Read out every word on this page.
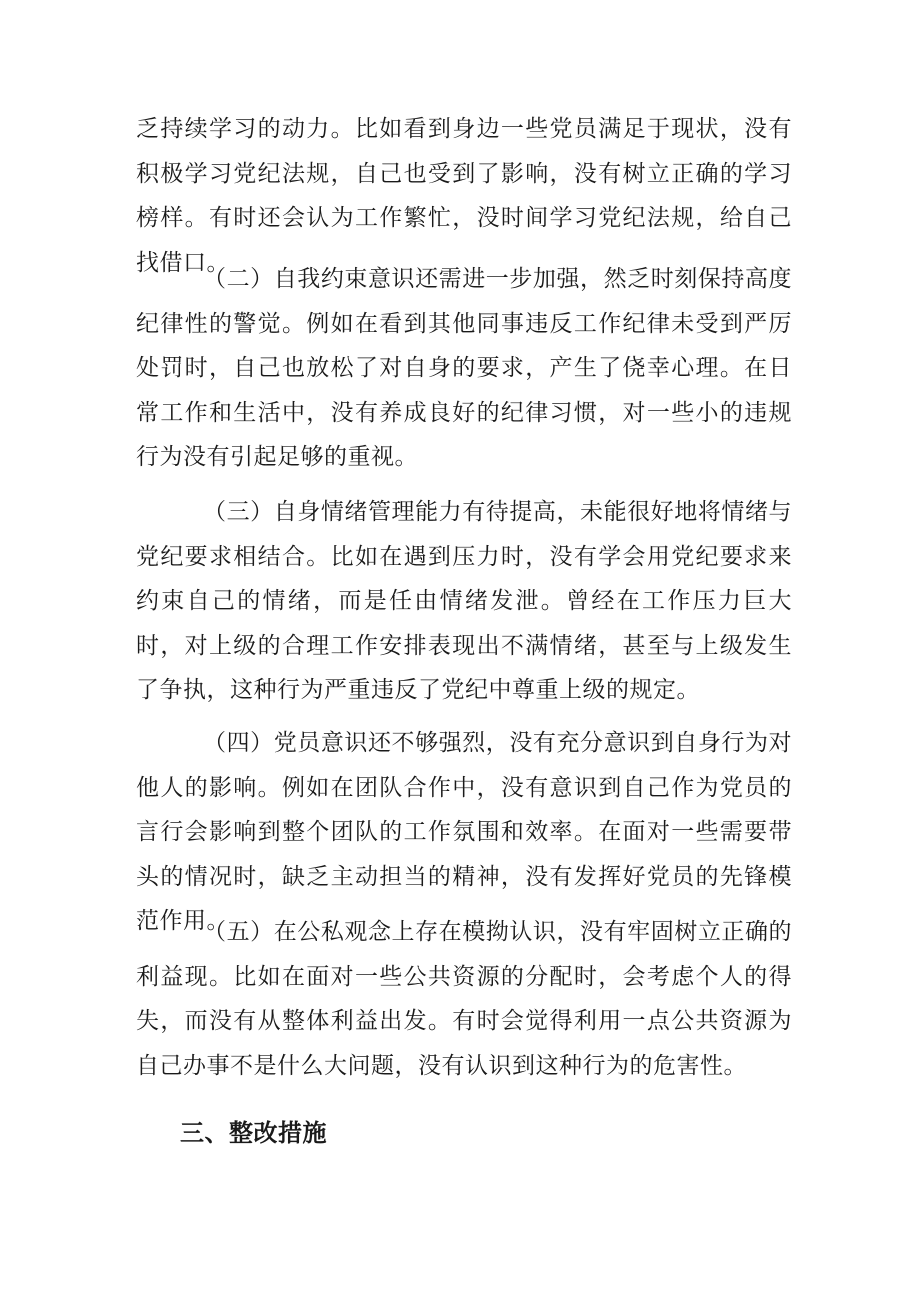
乏持续学习的动力。比如看到身边一些党员满足于现状，没有积极学习党纪法规，自己也受到了影响，没有树立正确的学习榜样。有时还会认为工作繁忙，没时间学习党纪法规，给自己找借口。

（二）自我约束意识还需进一步加强，然乏时刻保持高度纪律性的警觉。例如在看到其他同事违反工作纪律未受到严厉处罚时，自己也放松了对自身的要求，产生了侥幸心理。在日常工作和生活中，没有养成良好的纪律习惯，对一些小的违规行为没有引起足够的重视。

（三）自身情绪管理能力有待提高，未能很好地将情绪与党纪要求相结合。比如在遇到压力时，没有学会用党纪要求来约束自己的情绪，而是任由情绪发泄。曾经在工作压力巨大时，对上级的合理工作安排表现出不满情绪，甚至与上级发生了争执，这种行为严重违反了党纪中尊重上级的规定。

（四）党员意识还不够强烈，没有充分意识到自身行为对他人的影响。例如在团队合作中，没有意识到自己作为党员的言行会影响到整个团队的工作氛围和效率。在面对一些需要带头的情况时，缺乏主动担当的精神，没有发挥好党员的先锋模范作用。

（五）在公私观念上存在模拗认识，没有牢固树立正确的利益现。比如在面对一些公共资源的分配时，会考虑个人的得失，而没有从整体利益出发。有时会觉得利用一点公共资源为自己办事不是什么大问题，没有认识到这种行为的危害性。

三、整改措施
